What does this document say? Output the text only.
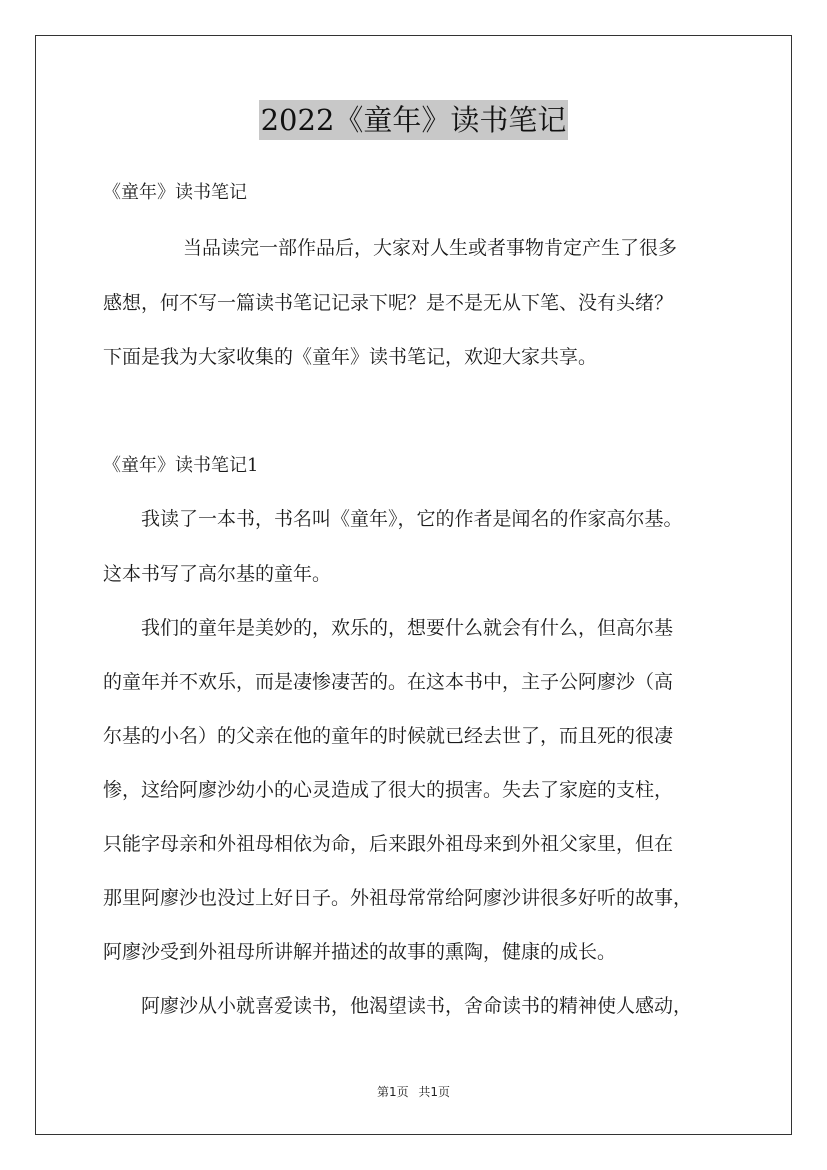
2022《童年》读书笔记
《童年》读书笔记
当品读完一部作品后，大家对人生或者事物肯定产生了很多
感想，何不写一篇读书笔记记录下呢？是不是无从下笔、没有头绪？
下面是我为大家收集的《童年》读书笔记，欢迎大家共享。
《童年》读书笔记1
我读了一本书，书名叫《童年》，它的作者是闻名的作家高尔基。
这本书写了高尔基的童年。
我们的童年是美妙的，欢乐的，想要什么就会有什么，但高尔基
的童年并不欢乐，而是凄惨凄苦的。在这本书中，主子公阿廖沙（高
尔基的小名）的父亲在他的童年的时候就已经去世了，而且死的很凄
惨，这给阿廖沙幼小的心灵造成了很大的损害。失去了家庭的支柱，
只能字母亲和外祖母相依为命，后来跟外祖母来到外祖父家里，但在
那里阿廖沙也没过上好日子。外祖母常常给阿廖沙讲很多好听的故事，
阿廖沙受到外祖母所讲解并描述的故事的熏陶，健康的成长。
阿廖沙从小就喜爱读书，他渴望读书，舍命读书的精神使人感动，
第1页 共1页
